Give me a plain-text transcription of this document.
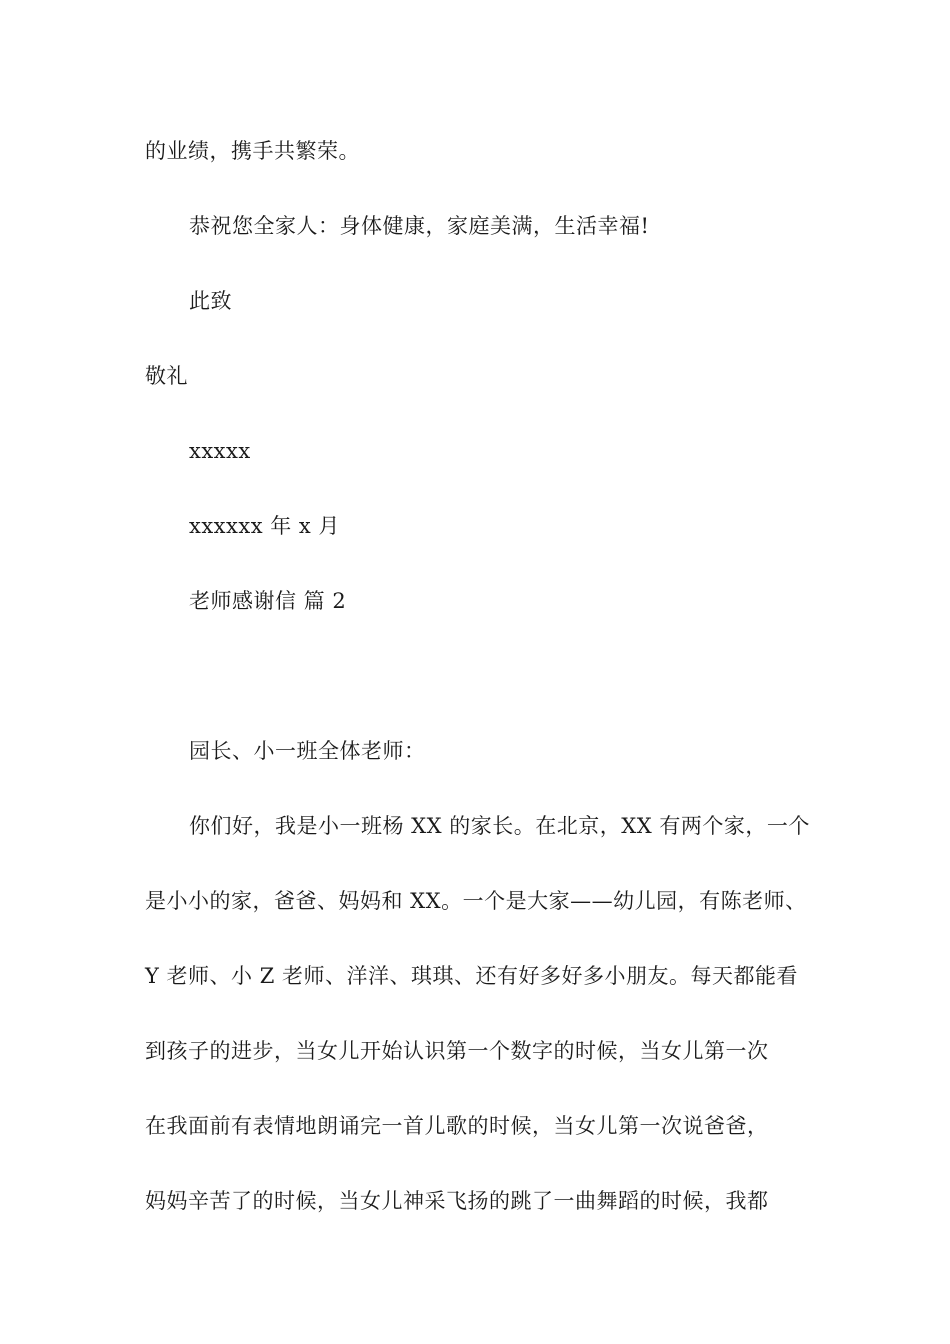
的业绩，携手共繁荣。
恭祝您全家人：身体健康，家庭美满，生活幸福!
此致
敬礼
xxxxx
xxxxxx 年 x 月
老师感谢信 篇 2
园长、小一班全体老师：
你们好，我是小一班杨 XX 的家长。在北京，XX 有两个家，一个
是小小的家，爸爸、妈妈和 XX。一个是大家——幼儿园，有陈老师、
Y 老师、小 Z 老师、洋洋、琪琪、还有好多好多小朋友。每天都能看
到孩子的进步，当女儿开始认识第一个数字的时候，当女儿第一次
在我面前有表情地朗诵完一首儿歌的时候，当女儿第一次说爸爸，
妈妈辛苦了的时候，当女儿神采飞扬的跳了一曲舞蹈的时候，我都
